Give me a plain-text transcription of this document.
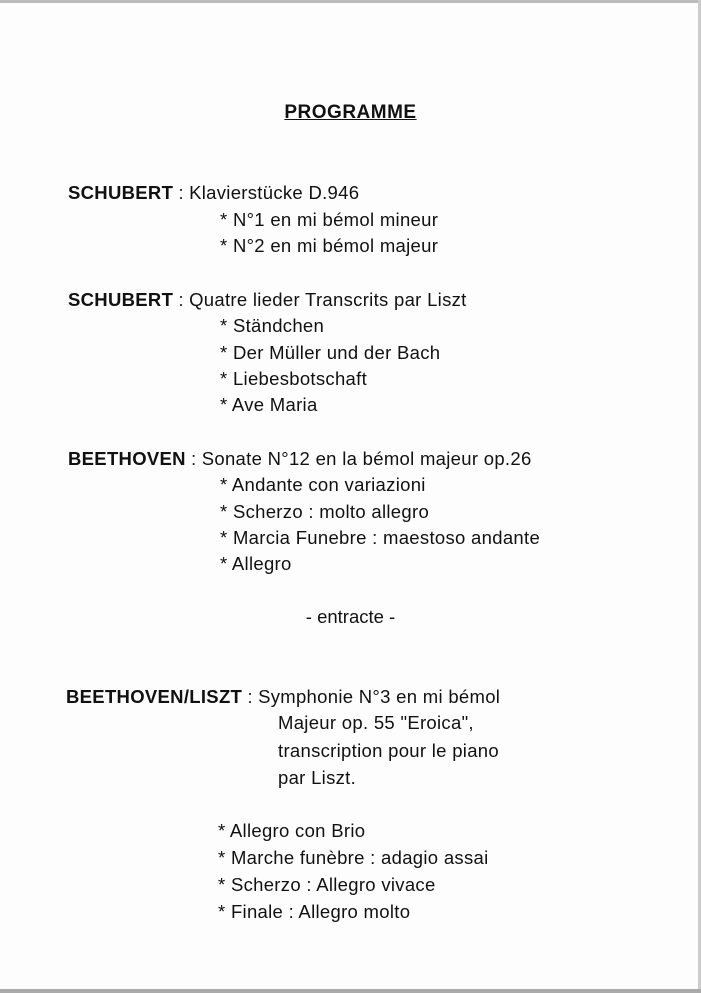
PROGRAMME
SCHUBERT : Klavierstücke D.946
* N°1 en mi bémol mineur
* N°2 en mi bémol majeur
SCHUBERT : Quatre lieder Transcrits par Liszt
* Ständchen
* Der Müller und der Bach
* Liebesbotschaft
* Ave Maria
BEETHOVEN : Sonate N°12 en la bémol majeur op.26
* Andante con variazioni
* Scherzo : molto allegro
* Marcia Funebre : maestoso andante
* Allegro
- entracte -
BEETHOVEN/LISZT : Symphonie N°3 en mi bémol
Majeur op. 55 "Eroica",
transcription pour le piano
par Liszt.
* Allegro con Brio
* Marche funèbre : adagio assai
* Scherzo : Allegro vivace
* Finale : Allegro molto
